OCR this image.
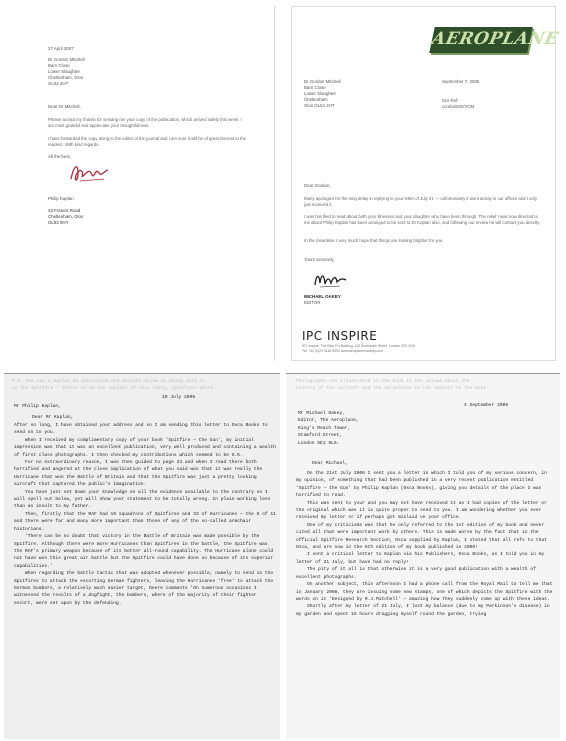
27 April 2007
Dr Gordon Mitchell
Barn Close
Lower Slaughter
Cheltenham, Glos
GL54 2HT
Dear Dr Mitchell,
Please accept my thanks for sending me your copy of the publication, which arrived safely this week. I am most grateful and appreciate your thoughtfulness.
I have forwarded the copy along to the editor of the journal and I am sure it will be of great interest to the readers. With kind regards.
All the best,
Philip Kaplan
43 Francis Road
Cheltenham, Glos
GL53 0HY
AEROPLANE
Dr Gordon Mitchell
Barn Close
Lower Slaughter
Cheltenham
Glos GL54 2HT
September 7, 2006
Our Ref:
ccrubs/MO/VCM
Dear Gordon,
Many apologies for the long delay in replying to your letter of July 21 — unfortunately it went astray in our offices and I only just received it.
I was horrified to read about both your illnesses and your daughter who have been through. The relief I was now directed to me about Philip Kaplan has been arranged to be sent to Dr Kaplan also, and following our review he will contact you directly.
In the meantime I very much hope that things are looking brighter for you.
Yours sincerely,
MICHAEL OAKEY
EDITOR
IPC INSPIRE
IPC Inspire, The Blue Fin Building, 110 Southwark Street, London SE1 0SU
Tel: +44 (0)20 3148 5000 www.aeroplanemonthly.com
P.S. How can a Kaplan be maintained one mistake below as being sold to
no the Spitfire — letter to be the subject of this reply, Spitfires where.
10 July 2006
Mr Philip Kaplan,
Dear Mr Kaplan,
After so long, I have obtained your address and so I am sending this letter to Osca Books to send on to you.
When I received my complimentary copy of your book 'Spitfire — the Gun', my initial impression was that it was an excellent publication, very well produced and containing a wealth of first class photographs. I then checked my contributions which seemed to be O.K.
For no extraordinary reason, I was then guided to page 23 and when I read there both horrified and angered at the close implication of what you said was that it was really the Hurricane that won the Battle of Britain and that the Spitfire was just a pretty looking aircraft that captured the public's imagination.
You have just set down your knowledge on all the evidence available to the contrary so I will spell out below, yet will show your statement to be totally wrong. In plain working less than an insult to my father.
Then, firstly that the RAF had 19 squadrons of Spitfires and 33 of Hurricanes — the 8 of 11 and there were far and many more important than those of any of the so-called armchair historians.
'There can be no doubt that victory in the Battle of Britain was made possible by the Spitfire. Although there were more Hurricanes than Spitfires in the battle, the Spitfire was the RAF's primary weapon because of its better all-round capability. The Hurricane alone could not have won this great air battle but the Spitfire could have done so because of its superior capabilities.'
When regarding the battle tactic that was adopted whenever possible, namely to send in the Spitfires to attack the escorting German fighters, leaving the Hurricanes 'free' to attack the German bombers, a relatively much easier target, Deere comments 'On numerous occasions I witnessed the results of a dogfight, the bombers, where of the majority of their fighter escort, were set upon by the defending.
Photographs one illustrated in the book in the volume about the
history of the aircraft and the aeroplanes to the subject to the book.
4 September 2006
Mr Michael Oakey,
Editor, The Aeroplane,
King's Reach Tower,
Stamford Street,
London SE1 9LS.
Dear Michael,
On the 21st July 2006 I sent you a letter in which I told you of my serious concern, in my opinion, of something that had been published in a very recent publication entitled 'Spitfire — the Gun' by Philip Kaplan (Osca Books), giving you details of the place I was horrified to read.
This was sent to your and you may not have received it as I had copies of the letter or the original which was it is quite proper to send to you. I am wondering whether you ever received my letter or if perhaps got mislaid on your office.
One of my criticisms was that he only referred to the 1st edition of my book and never cited all that were important work by others. This is made worse by the fact that in the official Spitfire Research Section, Osca supplied by Kaplan, I stated that all refs to that Osca, and are now in the 6th edition of my book published in 2006!
I sent a critical letter to Kaplan via his Publishers, Osca Books, as I told you in my letter of 21 July, but have had no reply!
The pity of it all is that otherwise it is a very good publication with a wealth of excellent photographs.
On another subject, this afternoon I had a phone call from the Royal Mail to tell me that in January 2008, they are issuing some new stamps, one of which depicts the Spitfire with the words on it 'Designed by R.J.Mitchell' — amazing how they suddenly come up with these ideas.
Shortly after my letter of 21 July, I lost my balance (due to my Parkinson's disease) in my garden and spent 16 hours dragging myself round the garden, trying
